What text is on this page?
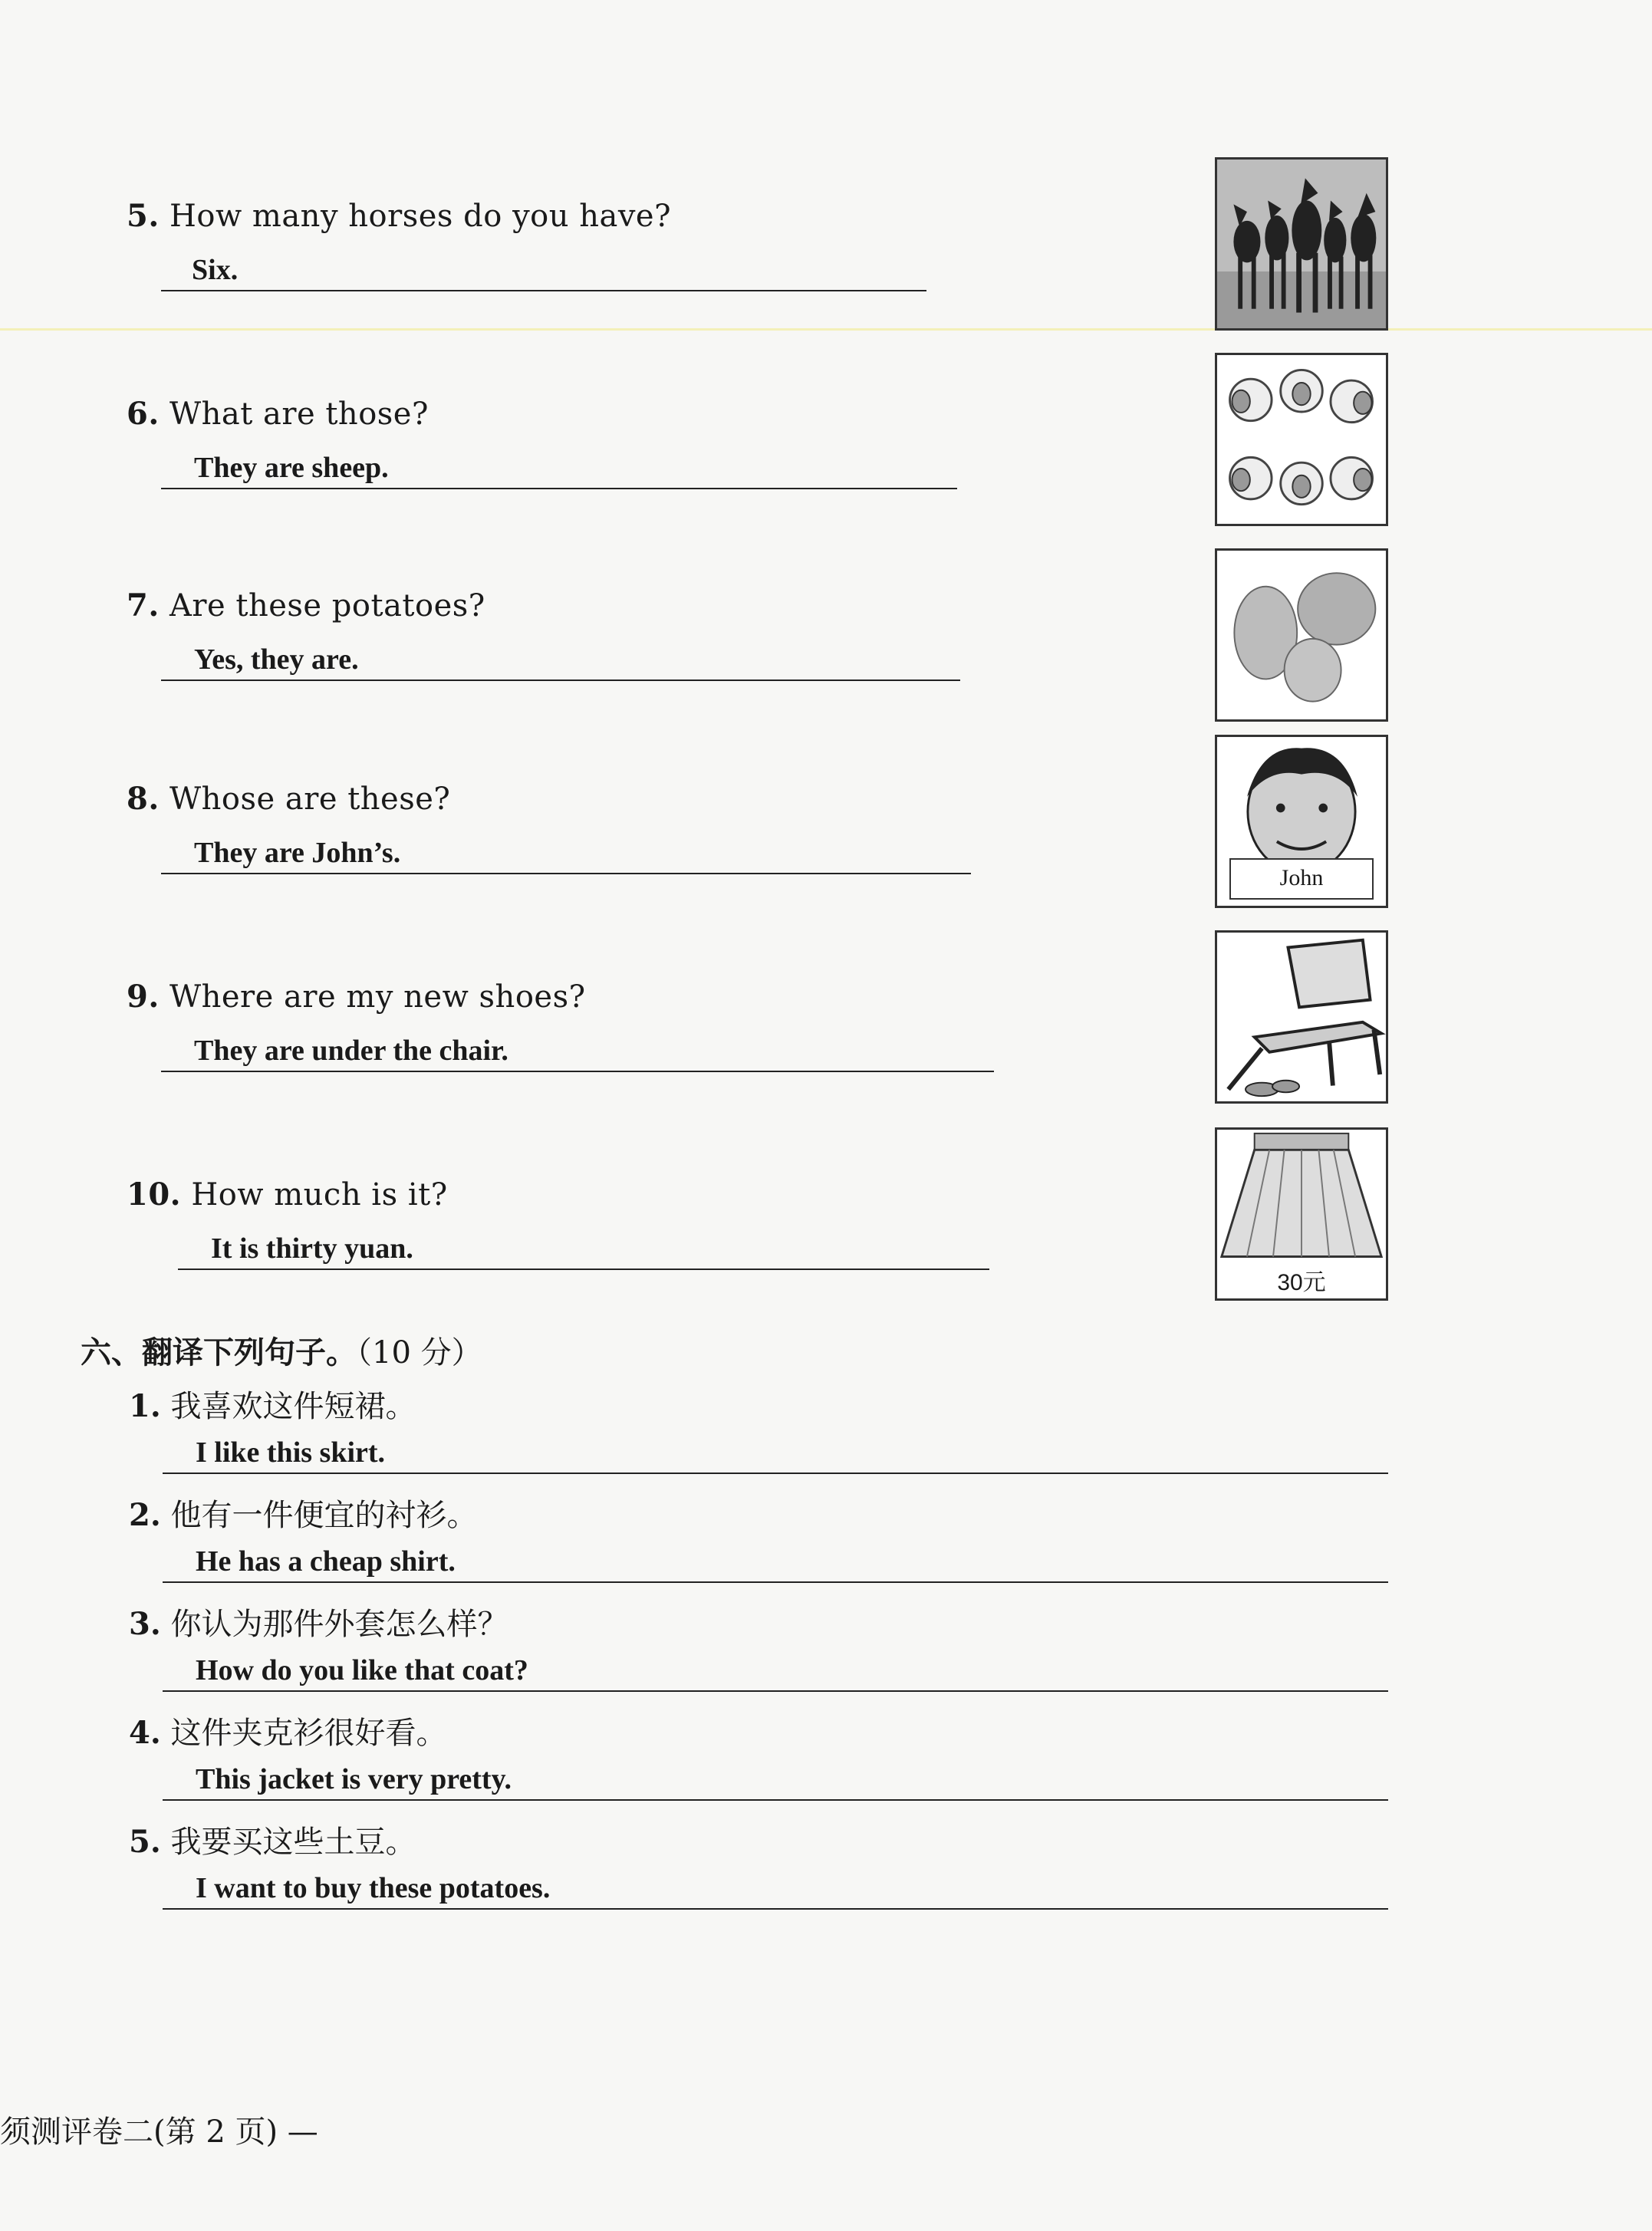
5. How many horses do you have?
Six.
6. What are those?
They are sheep.
7. Are these potatoes?
Yes, they are.
8. Whose are these?
They are John’s.
9. Where are my new shoes?
They are under the chair.
10. How much is it?
It is thirty yuan.
John
30元
六、翻译下列句子。（10 分）
1. 我喜欢这件短裙。
I like this skirt.
2. 他有一件便宜的衬衫。
He has a cheap shirt.
3. 你认为那件外套怎么样？
How do you like that coat?
4. 这件夹克衫很好看。
This jacket is very pretty.
5. 我要买这些土豆。
I want to buy these potatoes.
须测评卷二(第 2 页) —
